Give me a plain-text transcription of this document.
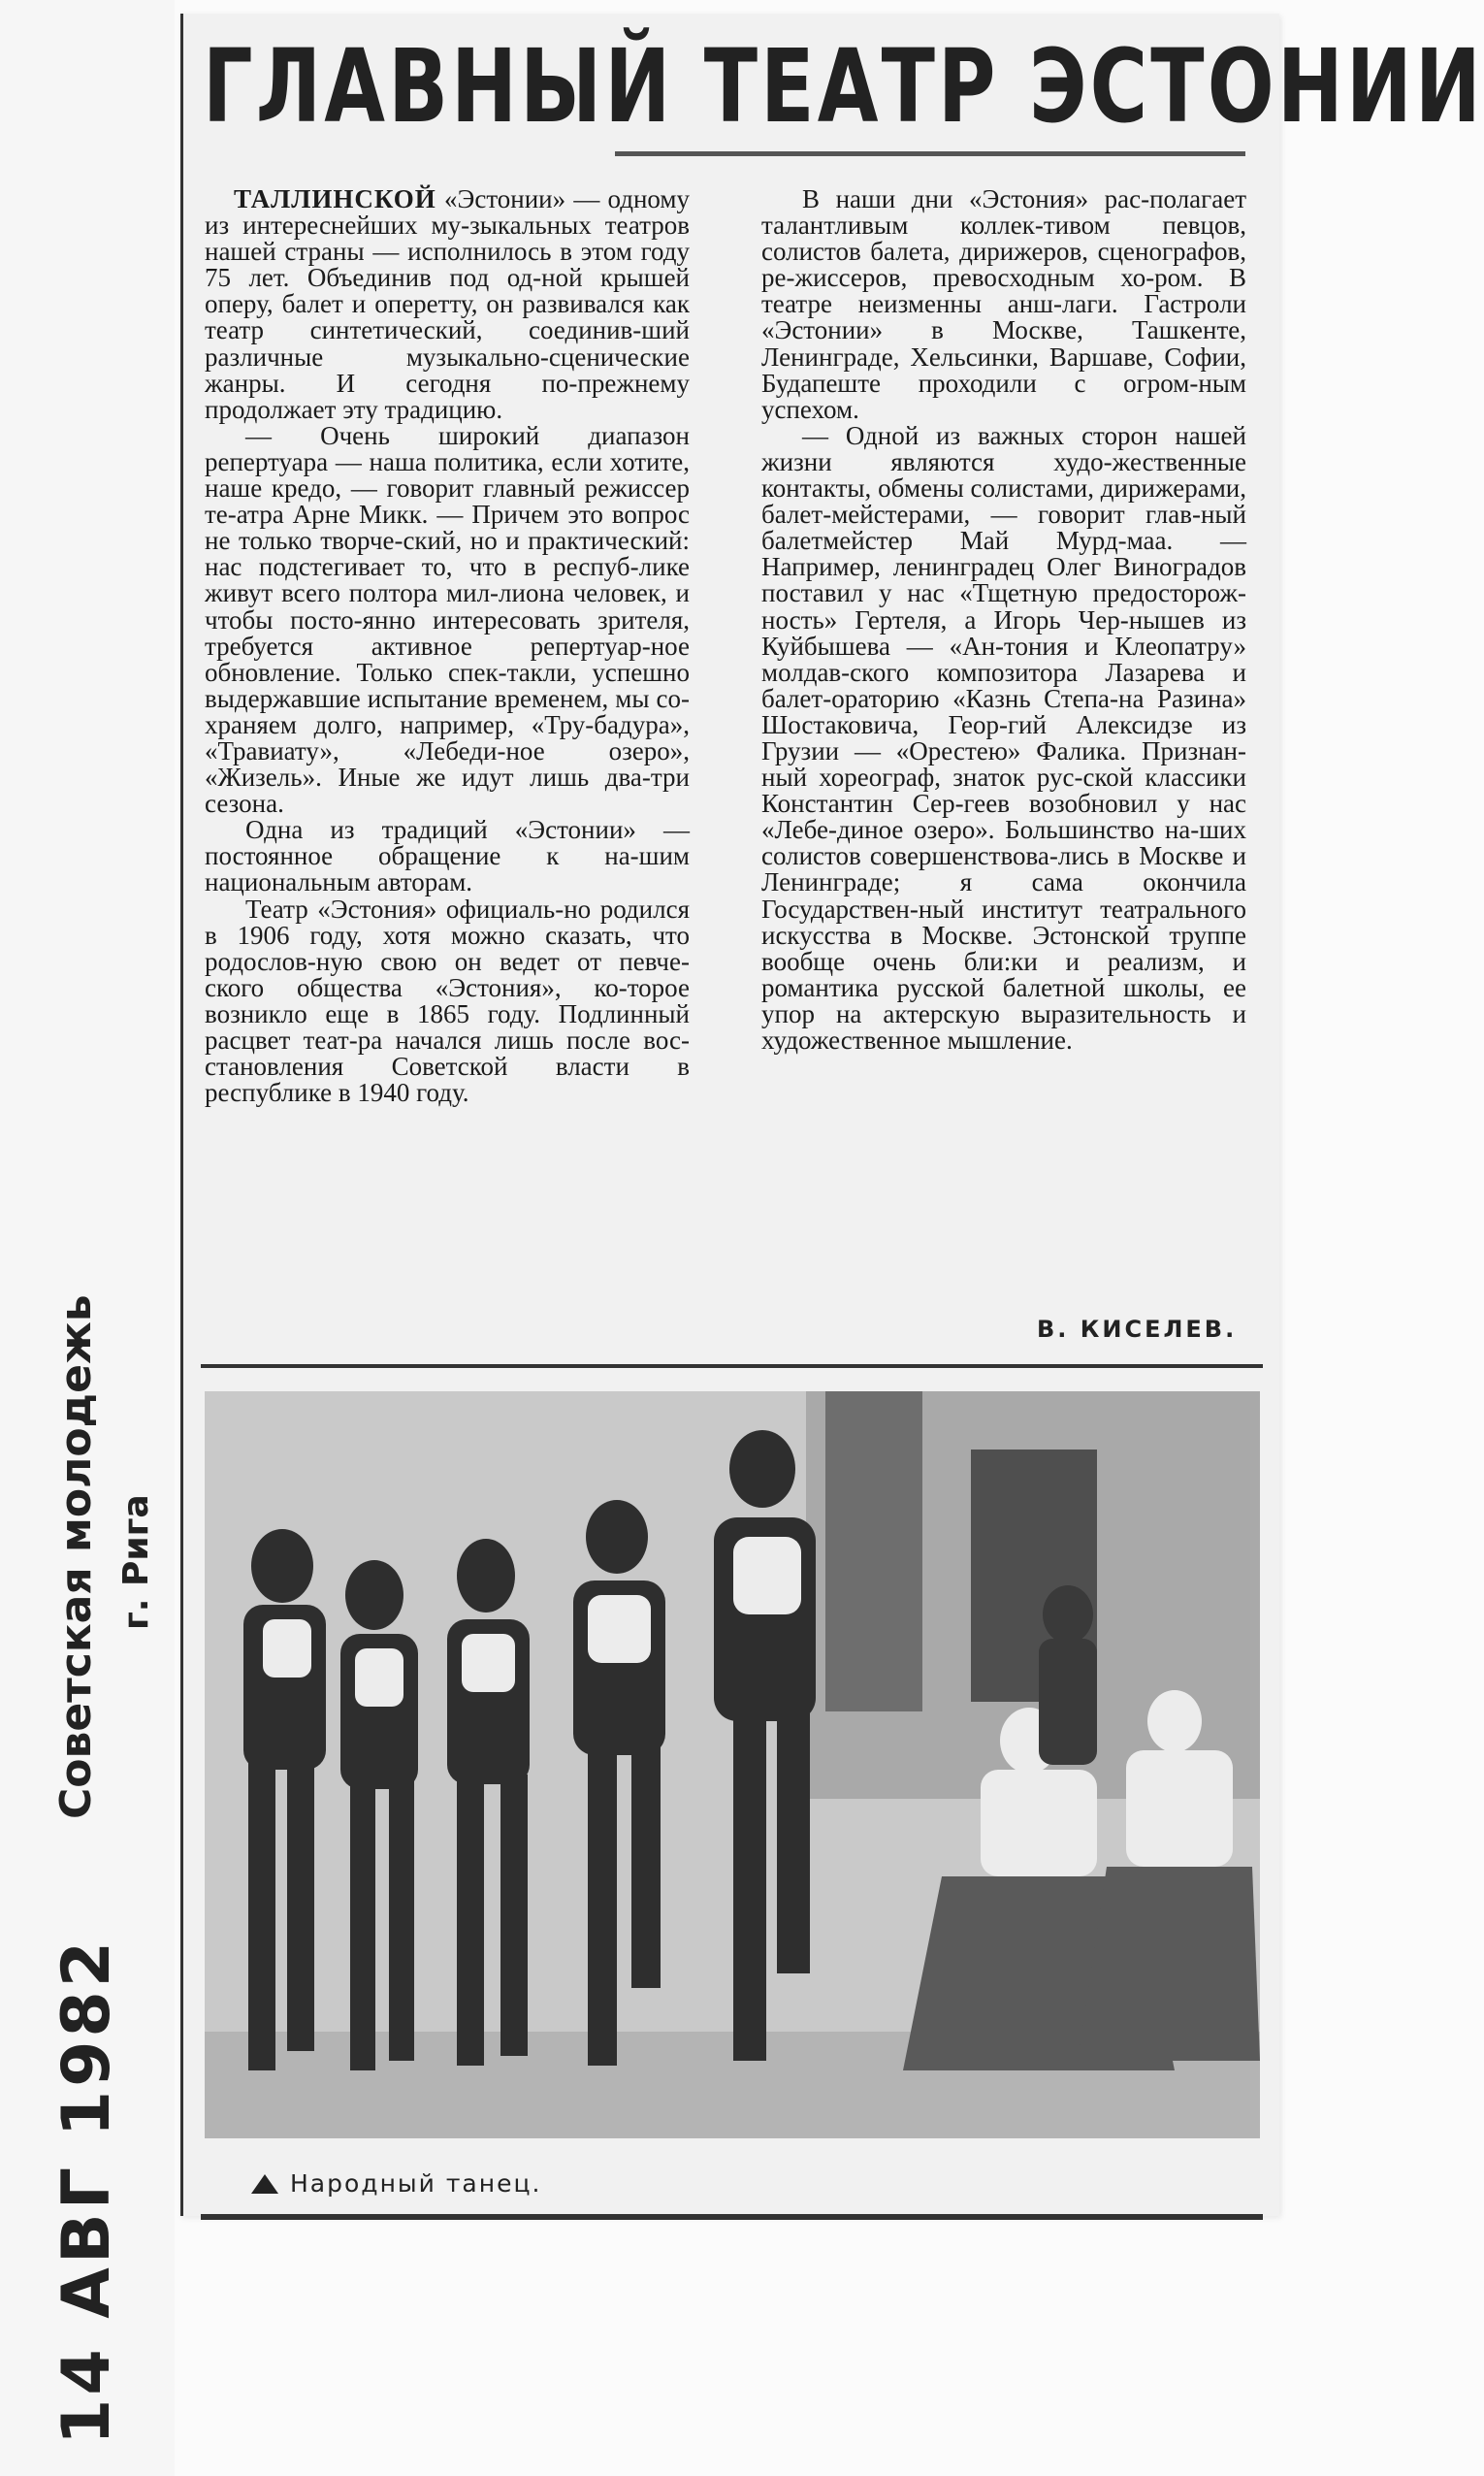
Советская молодежь г. Рига
14 АВГ 1982
ГЛАВНЫЙ ТЕАТР ЭСТОНИИ

ТАЛЛИНСКОЙ «Эстонии» — одному из интереснейших му-зыкальных театров нашей страны — исполнилось в этом году 75 лет. Объединив под од-ной крышей оперу, балет и оперетту, он развивался как театр синтетический, соединив-ший различные музыкально-сценические жанры. И сегодня по-прежнему продолжает эту традицию.

— Очень широкий диапазон репертуара — наша политика, если хотите, наше кредо, — говорит главный режиссер те-атра Арне Микк. — Причем это вопрос не только творче-ский, но и практический: нас подстегивает то, что в респуб-лике живут всего полтора мил-лиона человек, и чтобы посто-янно интересовать зрителя, требуется активное репертуар-ное обновление. Только спек-такли, успешно выдержавшие испытание временем, мы со-храняем долго, например, «Тру-бадура», «Травиату», «Лебеди-ное озеро», «Жизель». Иные же идут лишь два-три сезона.

Одна из традиций «Эстонии» — постоянное обращение к на-шим национальным авторам.

Театр «Эстония» официаль-но родился в 1906 году, хотя можно сказать, что родослов-ную свою он ведет от певче-ского общества «Эстония», ко-торое возникло еще в 1865 году. Подлинный расцвет теат-ра начался лишь после вос-становления Советской власти в республике в 1940 году.

В наши дни «Эстония» рас-полагает талантливым коллек-тивом певцов, солистов балета, дирижеров, сценографов, ре-жиссеров, превосходным хо-ром. В театре неизменны анш-лаги. Гастроли «Эстонии» в Москве, Ташкенте, Ленинграде, Хельсинки, Варшаве, Софии, Будапеште проходили с огром-ным успехом.

— Одной из важных сторон нашей жизни являются худо-жественные контакты, обмены солистами, дирижерами, балет-мейстерами, — говорит глав-ный балетмейстер Май Мурд-маа. — Например, ленинградец Олег Виноградов поставил у нас «Тщетную предосторож-ность» Гертеля, а Игорь Чер-нышев из Куйбышева — «Ан-тония и Клеопатру» молдав-ского композитора Лазарева и балет-ораторию «Казнь Степа-на Разина» Шостаковича, Геор-гий Алексидзе из Грузии — «Орестею» Фалика. Признан-ный хореограф, знаток рус-ской классики Константин Сер-геев возобновил у нас «Лебе-диное озеро». Большинство на-ших солистов совершенствова-лись в Москве и Ленинграде; я сама окончила Государствен-ный институт театрального искусства в Москве. Эстонской труппе вообще очень бли:ки и реализм, и романтика русской балетной школы, ее упор на актерскую выразительность и художественное мышление.

В. КИСЕЛЕВ.
Народный танец.
